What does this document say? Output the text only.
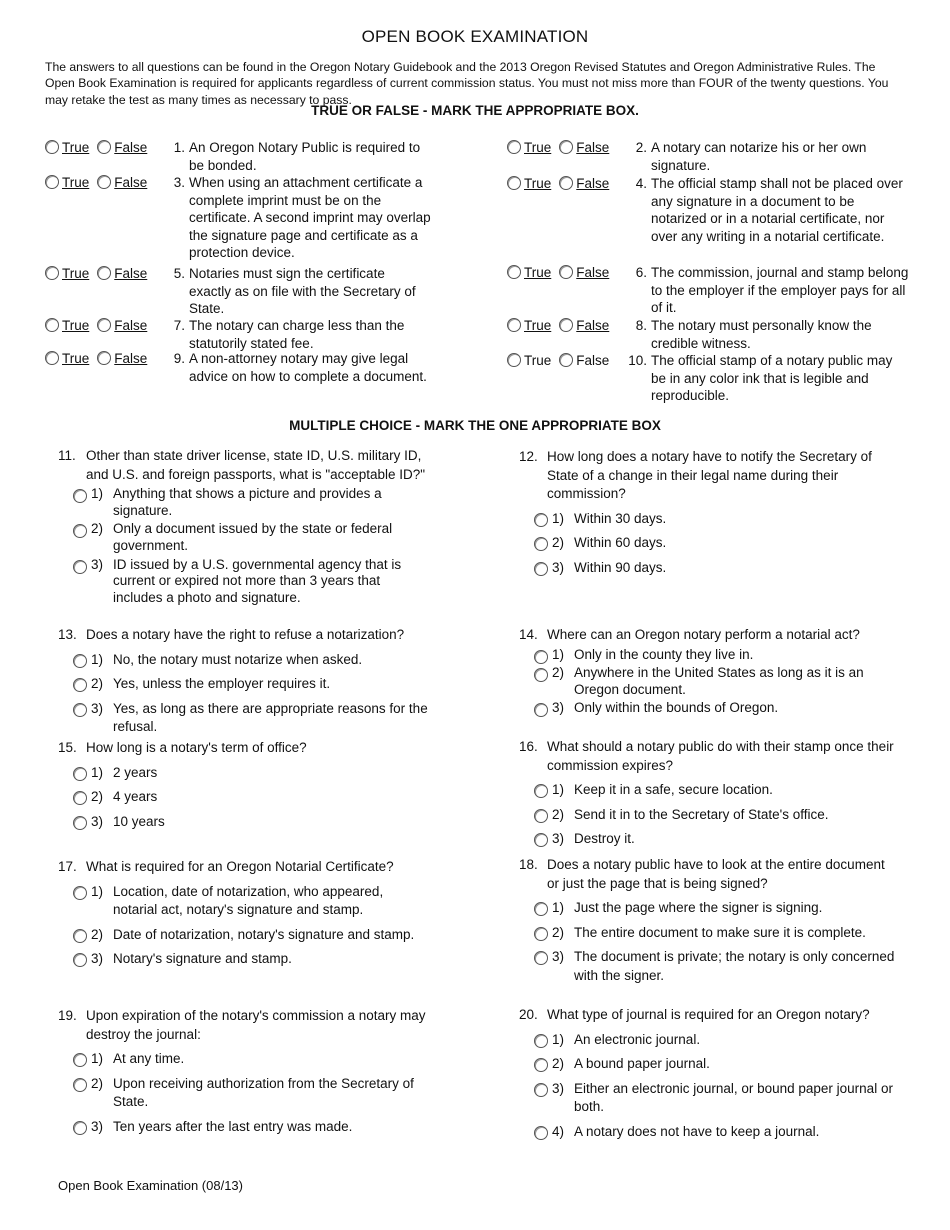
OPEN BOOK EXAMINATION
The answers to all questions can be found in the Oregon Notary Guidebook and the 2013 Oregon Revised Statutes and Oregon Administrative Rules. The Open Book Examination is required for applicants regardless of current commission status. You must not miss more than FOUR of the twenty questions. You may retake the test as many times as necessary to pass.
TRUE OR FALSE - MARK THE APPROPRIATE BOX.
True False	1. An Oregon Notary Public is required to be bonded.
True False	2. A notary can notarize his or her own signature.
True False	3. When using an attachment certificate a complete imprint must be on the certificate. A second imprint may overlap the signature page and certificate as a protection device.
True False	4. The official stamp shall not be placed over any signature in a document to be notarized or in a notarial certificate, nor over any writing in a notarial certificate.
True False	5. Notaries must sign the certificate exactly as on file with the Secretary of State.
True False	6. The commission, journal and stamp belong to the employer if the employer pays for all of it.
True False	7. The notary can charge less than the statutorily stated fee.
True False	8. The notary must personally know the credible witness.
True False	9. A non-attorney notary may give legal advice on how to complete a document.
True False	10. The official stamp of a notary public may be in any color ink that is legible and reproducible.
MULTIPLE CHOICE - MARK THE ONE APPROPRIATE BOX
11. Other than state driver license, state ID, U.S. military ID, and U.S. and foreign passports, what is "acceptable ID?"
1) Anything that shows a picture and provides a signature.
2) Only a document issued by the state or federal government.
3) ID issued by a U.S. governmental agency that is current or expired not more than 3 years that includes a photo and signature.
12. How long does a notary have to notify the Secretary of State of a change in their legal name during their commission?
1) Within 30 days.
2) Within 60 days.
3) Within 90 days.
13. Does a notary have the right to refuse a notarization?
1) No, the notary must notarize when asked.
2) Yes, unless the employer requires it.
3) Yes, as long as there are appropriate reasons for the refusal.
14. Where can an Oregon notary perform a notarial act?
1) Only in the county they live in.
2) Anywhere in the United States as long as it is an Oregon document.
3) Only within the bounds of Oregon.
15. How long is a notary's term of office?
1) 2 years
2) 4 years
3) 10 years
16. What should a notary public do with their stamp once their commission expires?
1) Keep it in a safe, secure location.
2) Send it in to the Secretary of State's office.
3) Destroy it.
17. What is required for an Oregon Notarial Certificate?
1) Location, date of notarization, who appeared, notarial act, notary's signature and stamp.
2) Date of notarization, notary's signature and stamp.
3) Notary's signature and stamp.
18. Does a notary public have to look at the entire document or just the page that is being signed?
1) Just the page where the signer is signing.
2) The entire document to make sure it is complete.
3) The document is private; the notary is only concerned with the signer.
19. Upon expiration of the notary's commission a notary may destroy the journal:
1) At any time.
2) Upon receiving authorization from the Secretary of State.
3) Ten years after the last entry was made.
20. What type of journal is required for an Oregon notary?
1) An electronic journal.
2) A bound paper journal.
3) Either an electronic journal, or bound paper journal or both.
4) A notary does not have to keep a journal.
Open Book Examination (08/13)
